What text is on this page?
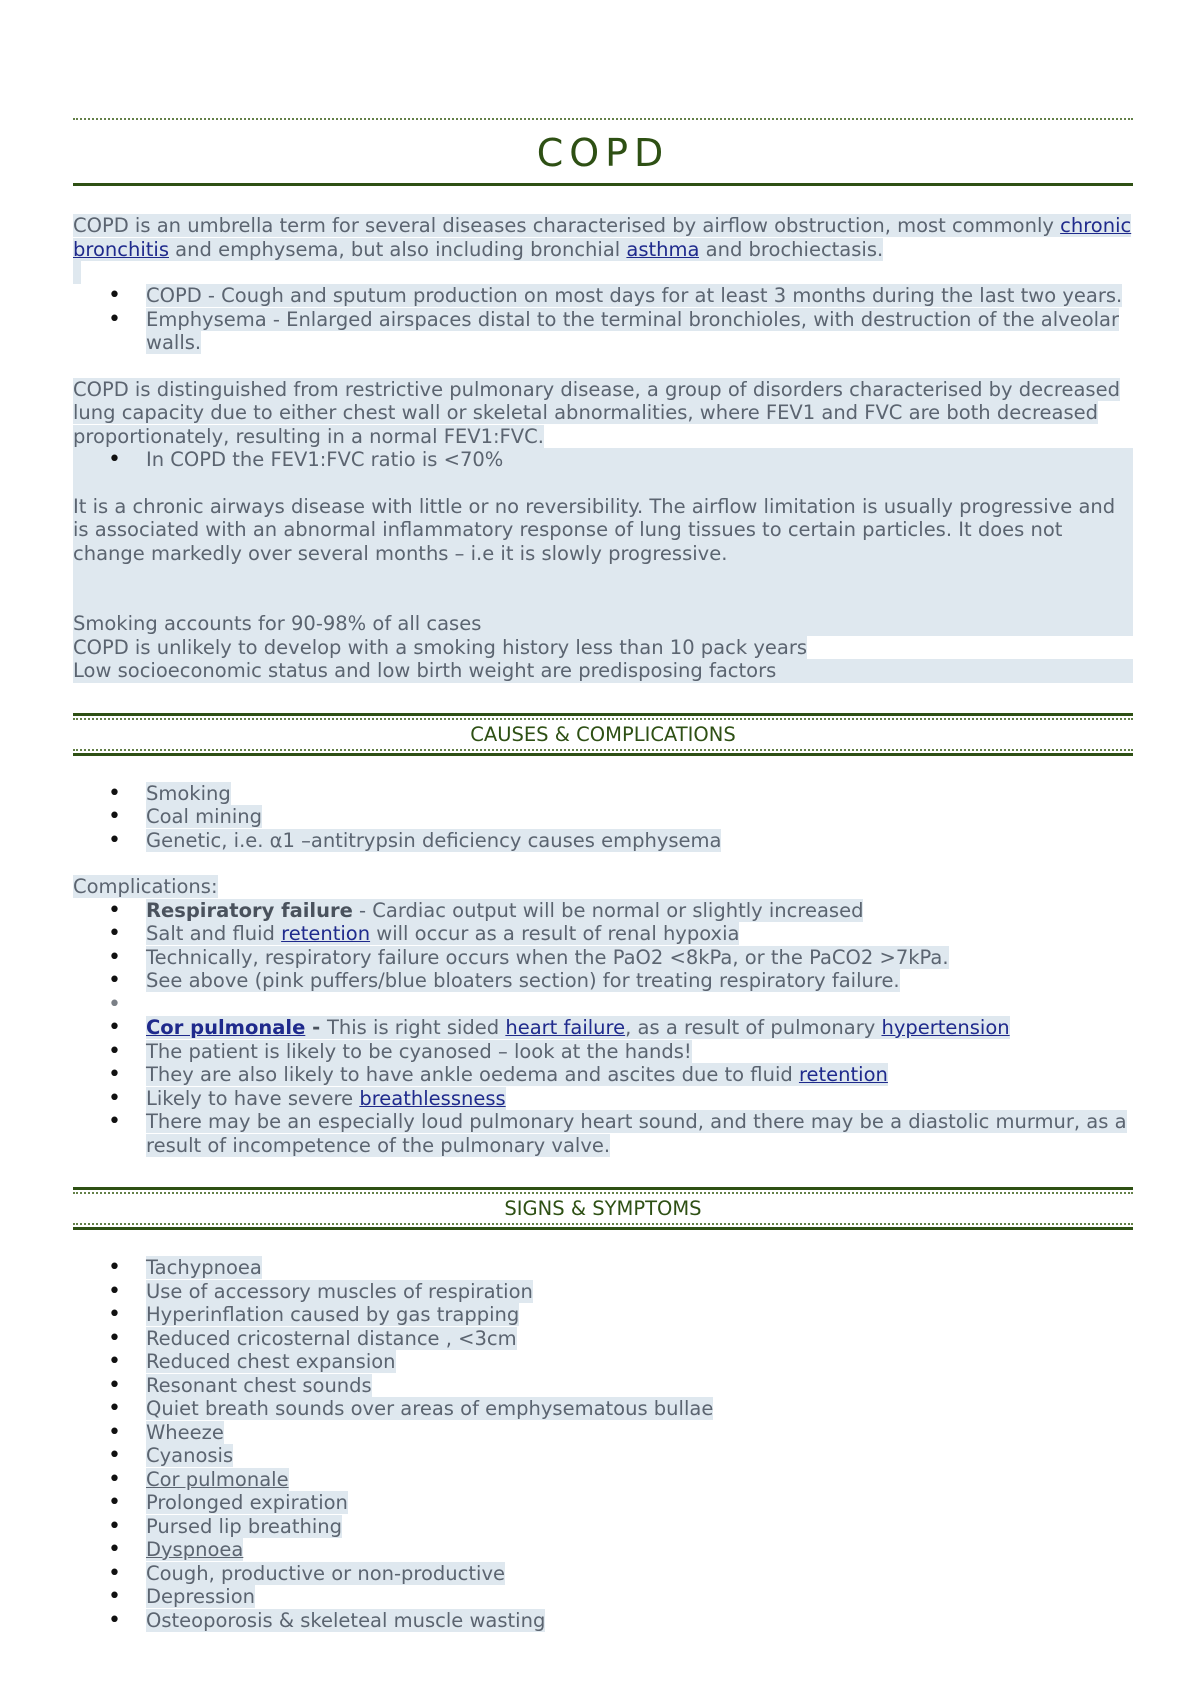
COPD

COPD is an umbrella term for several diseases characterised by airflow obstruction, most commonly chronic bronchitis and emphysema, but also including bronchial asthma and brochiectasis.

• COPD - Cough and sputum production on most days for at least 3 months during the last two years.
• Emphysema - Enlarged airspaces distal to the terminal bronchioles, with destruction of the alveolar walls.

COPD is distinguished from restrictive pulmonary disease, a group of disorders characterised by decreased lung capacity due to either chest wall or skeletal abnormalities, where FEV1 and FVC are both decreased proportionately, resulting in a normal FEV1:FVC.

• In COPD the FEV1:FVC ratio is <70%

It is a chronic airways disease with little or no reversibility. The airflow limitation is usually progressive and is associated with an abnormal inflammatory response of lung tissues to certain particles. It does not change markedly over several months – i.e it is slowly progressive.

Smoking accounts for 90-98% of all cases

COPD is unlikely to develop with a smoking history less than 10 pack years

Low socioeconomic status and low birth weight are predisposing factors

CAUSES & COMPLICATIONS
• Smoking
• Coal mining
• Genetic, i.e. α1 –antitrypsin deficiency causes emphysema

Complications:

• Respiratory failure - Cardiac output will be normal or slightly increased
• Salt and fluid retention will occur as a result of renal hypoxia
• Technically, respiratory failure occurs when the PaO2 <8kPa, or the PaCO2 >7kPa.
• See above (pink puffers/blue bloaters section) for treating respiratory failure.
•
• Cor pulmonale - This is right sided heart failure, as a result of pulmonary hypertension
• The patient is likely to be cyanosed – look at the hands!
• They are also likely to have ankle oedema and ascites due to fluid retention
• Likely to have severe breathlessness
• There may be an especially loud pulmonary heart sound, and there may be a diastolic murmur, as a result of incompetence of the pulmonary valve.
SIGNS & SYMPTOMS
• Tachypnoea
• Use of accessory muscles of respiration
• Hyperinflation caused by gas trapping
• Reduced cricosternal distance , <3cm
• Reduced chest expansion
• Resonant chest sounds
• Quiet breath sounds over areas of emphysematous bullae
• Wheeze
• Cyanosis
• Cor pulmonale
• Prolonged expiration
• Pursed lip breathing
• Dyspnoea
• Cough, productive or non-productive
• Depression
• Osteoporosis & skeleteal muscle wasting
